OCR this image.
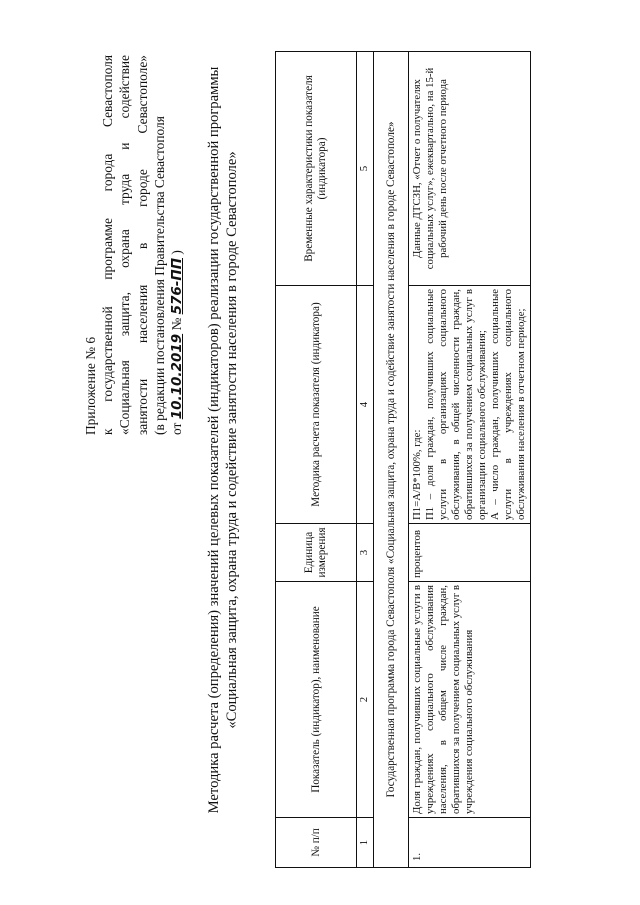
Приложение № 6 к государственной программе города Севастополя «Социальная защита, охрана труда и содействие занятости населения в городе Севастополе» (в редакции постановления Правительства Севастополя от 10.10.2019 № 576-ПП ) Методика расчета (определения) значений целевых показателей (индикаторов) реализации государственной программы «Социальная защита, охрана труда и содействие занятости населения в городе Севастополе»
№ п/п	Показатель (индикатор), наименование	Единица измерения	Методика расчета показателя (индикатора)	Временные характеристики показателя (индикатора)
1	2	3	4	5
Государственная программа города Севастополя «Социальная защита, охрана труда и содействие занятости населения в городе Севастополе»				
1.	Доля граждан, получивших социальные услуги в учреждениях социального обслуживания населения, в общем числе граждан, обратившихся за получением социальных услуг в учреждения социального обслуживания	процентов	П1=А/В*100%, где: П1 – доля граждан, получивших социальные услуги в организациях социального обслуживания, в общей численности граждан, обратившихся за получением социальных услуг в организации социального обслуживания; А – число граждан, получивших социальные услуги в учреждениях социального обслуживания населения в отчетном периоде;	Данные ДТСЗН, «Отчет о получателях социальных услуг», ежеквартально, на 15-й рабочий день после отчетного периода
